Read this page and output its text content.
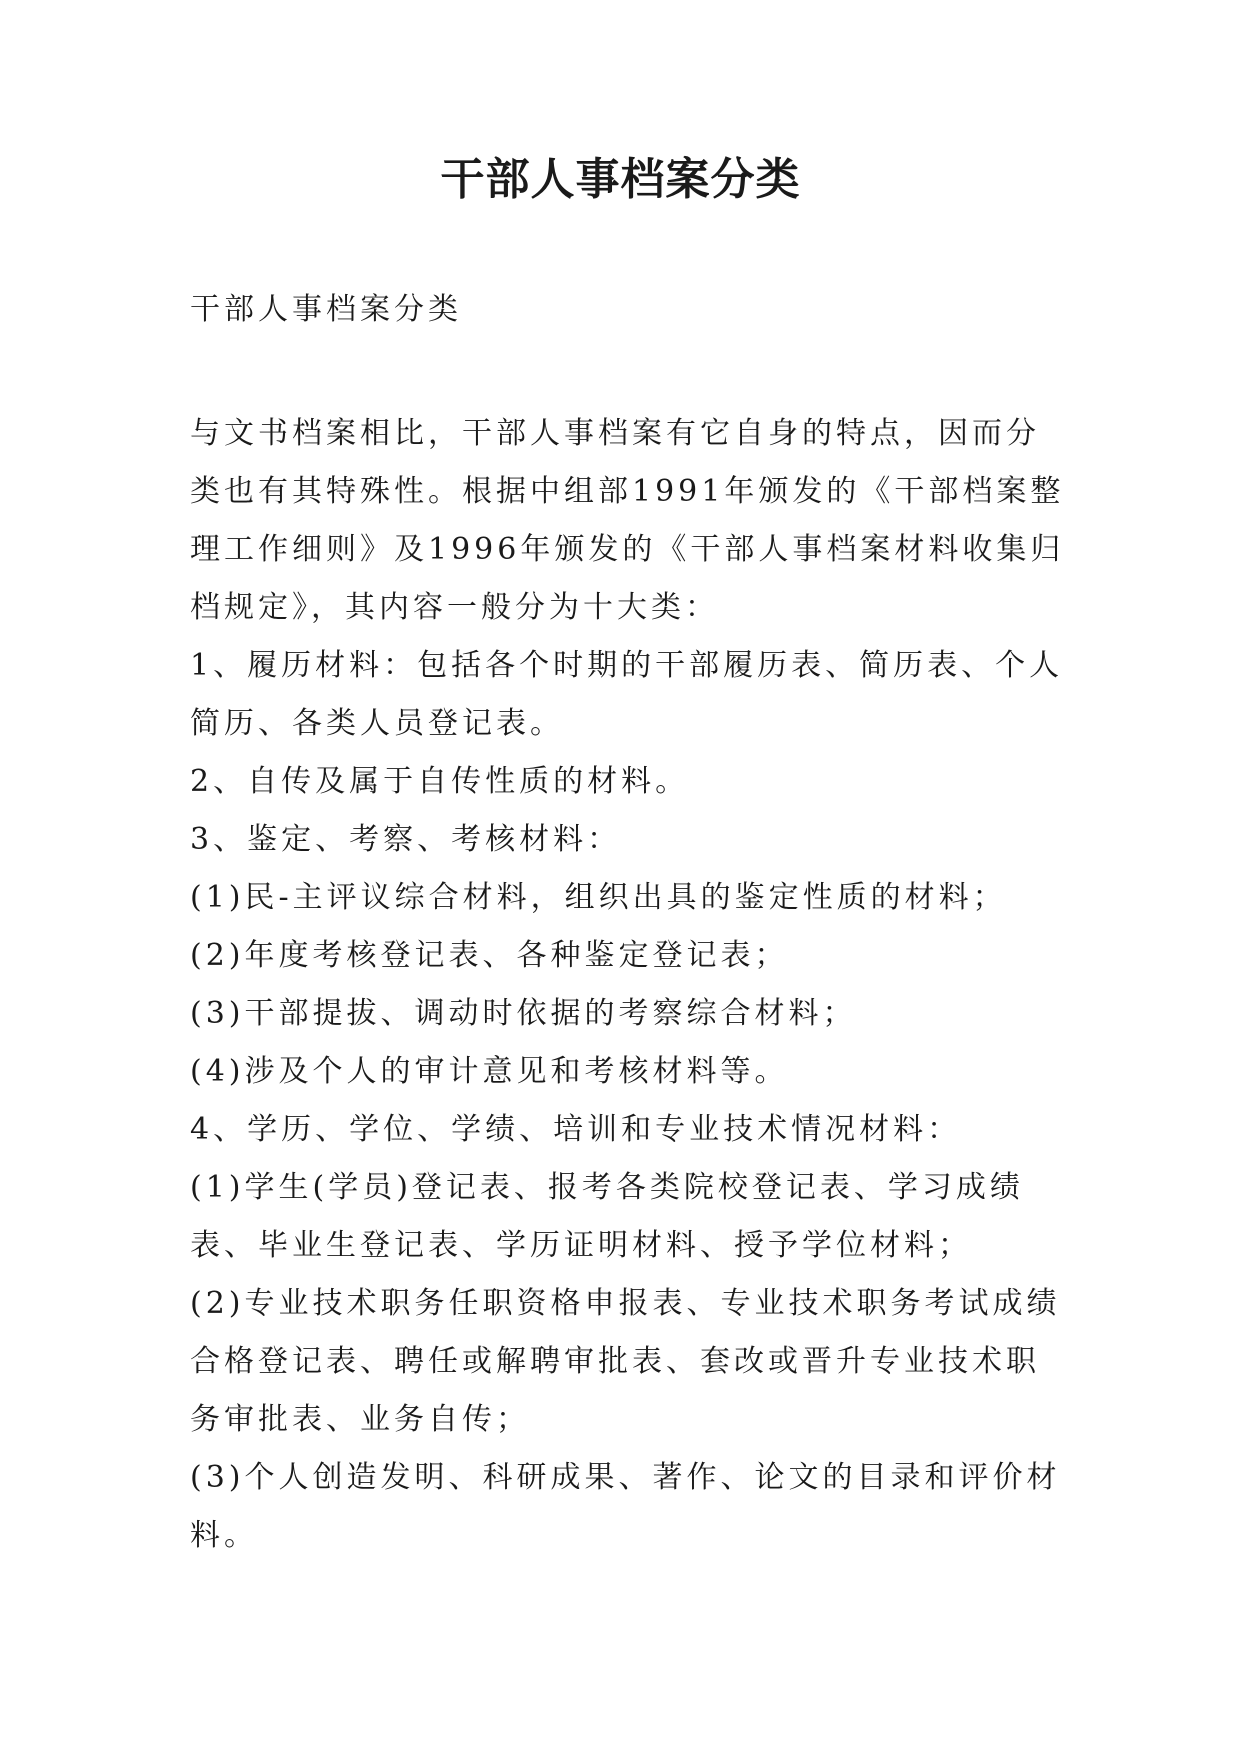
干部人事档案分类

干部人事档案分类

与文书档案相比，干部人事档案有它自身的特点，因而分类也有其特殊性。根据中组部1991年颁发的《干部档案整理工作细则》及1996年颁发的《干部人事档案材料收集归档规定》，其内容一般分为十大类：

1、履历材料：包括各个时期的干部履历表、简历表、个人简历、各类人员登记表。

2、自传及属于自传性质的材料。

3、鉴定、考察、考核材料：

(1)民-主评议综合材料，组织出具的鉴定性质的材料；

(2)年度考核登记表、各种鉴定登记表；

(3)干部提拔、调动时依据的考察综合材料；

(4)涉及个人的审计意见和考核材料等。

4、学历、学位、学绩、培训和专业技术情况材料：

(1)学生(学员)登记表、报考各类院校登记表、学习成绩表、毕业生登记表、学历证明材料、授予学位材料；

(2)专业技术职务任职资格申报表、专业技术职务考试成绩合格登记表、聘任或解聘审批表、套改或晋升专业技术职务审批表、业务自传；

(3)个人创造发明、科研成果、著作、论文的目录和评价材料。
